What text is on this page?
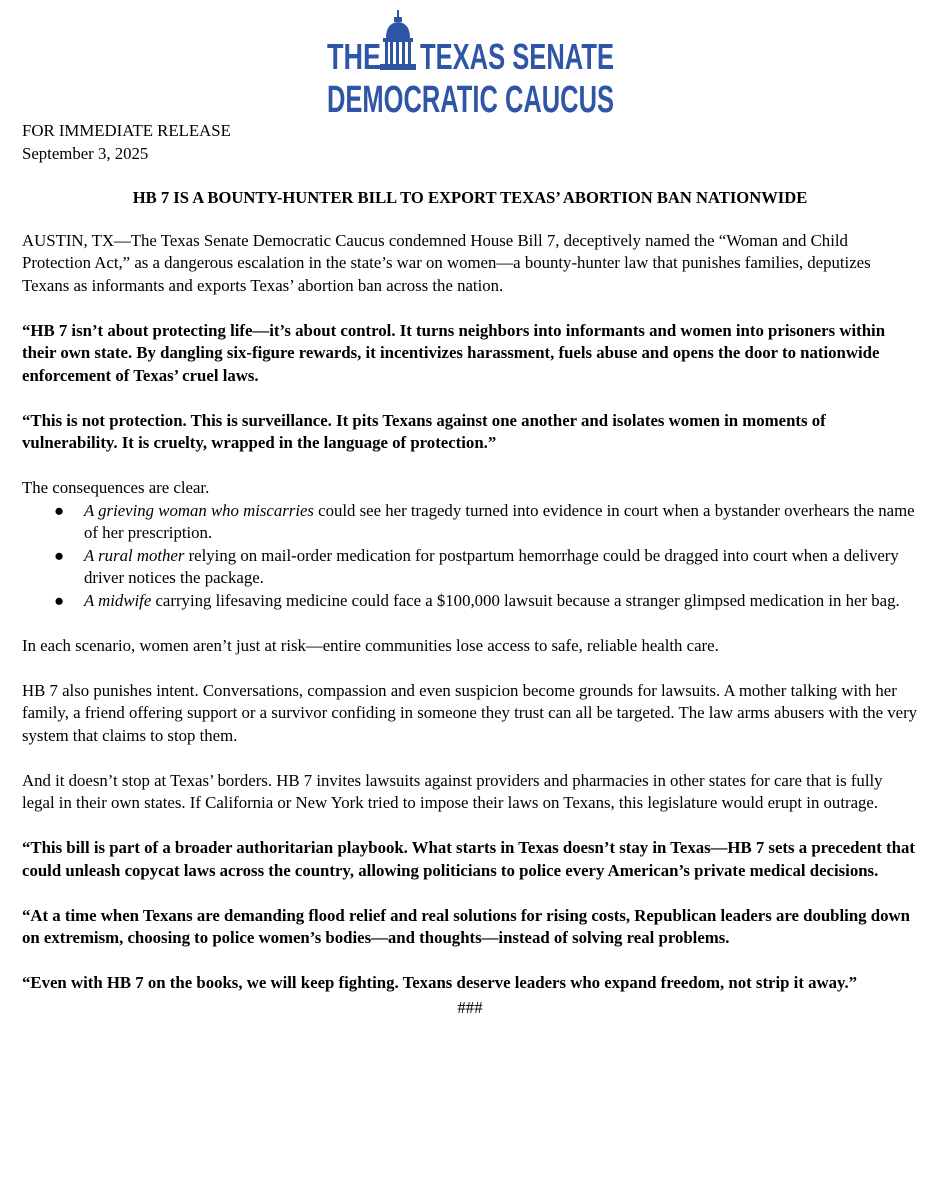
THE TEXAS SENATE
DEMOCRATIC CAUCUS

FOR IMMEDIATE RELEASE

September 3, 2025

HB 7 IS A BOUNTY-HUNTER BILL TO EXPORT TEXAS’ ABORTION BAN NATIONWIDE

AUSTIN, TX—The Texas Senate Democratic Caucus condemned House Bill 7, deceptively named the “Woman and Child Protection Act,” as a dangerous escalation in the state’s war on women—a bounty-hunter law that punishes families, deputizes Texans as informants and exports Texas’ abortion ban across the nation.

“HB 7 isn’t about protecting life—it’s about control. It turns neighbors into informants and women into prisoners within their own state. By dangling six-figure rewards, it incentivizes harassment, fuels abuse and opens the door to nationwide enforcement of Texas’ cruel laws.

“This is not protection. This is surveillance. It pits Texans against one another and isolates women in moments of vulnerability. It is cruelty, wrapped in the language of protection.”

The consequences are clear.

● A grieving woman who miscarries could see her tragedy turned into evidence in court when a bystander overhears the name of her prescription.
● A rural mother relying on mail-order medication for postpartum hemorrhage could be dragged into court when a delivery driver notices the package.
● A midwife carrying lifesaving medicine could face a $100,000 lawsuit because a stranger glimpsed medication in her bag.

In each scenario, women aren’t just at risk—entire communities lose access to safe, reliable health care.

HB 7 also punishes intent. Conversations, compassion and even suspicion become grounds for lawsuits. A mother talking with her family, a friend offering support or a survivor confiding in someone they trust can all be targeted. The law arms abusers with the very system that claims to stop them.

And it doesn’t stop at Texas’ borders. HB 7 invites lawsuits against providers and pharmacies in other states for care that is fully legal in their own states. If California or New York tried to impose their laws on Texans, this legislature would erupt in outrage.

“This bill is part of a broader authoritarian playbook. What starts in Texas doesn’t stay in Texas—HB 7 sets a precedent that could unleash copycat laws across the country, allowing politicians to police every American’s private medical decisions.

“At a time when Texans are demanding flood relief and real solutions for rising costs, Republican leaders are doubling down on extremism, choosing to police women’s bodies—and thoughts—instead of solving real problems.

“Even with HB 7 on the books, we will keep fighting. Texans deserve leaders who expand freedom, not strip it away.”

###
